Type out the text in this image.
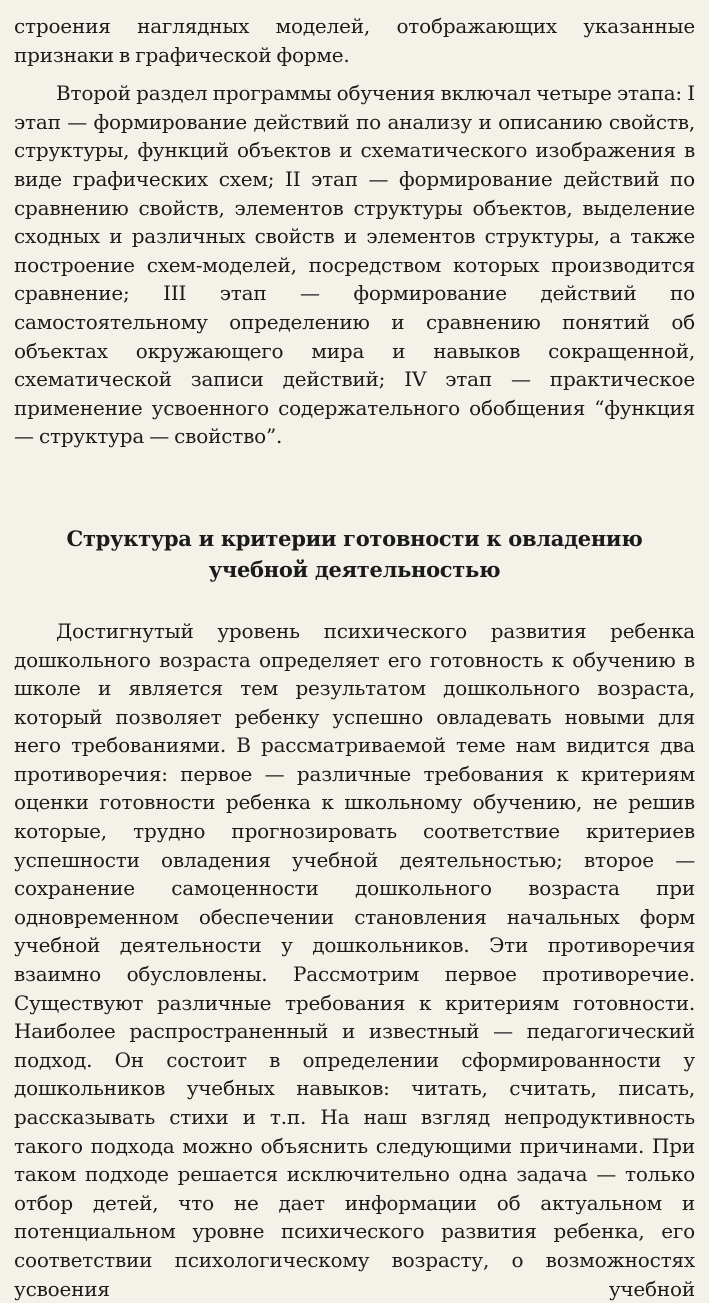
строения наглядных моделей, отображающих указанные признаки в графической форме.

Второй раздел программы обучения включал четыре этапа: I этап — формирование действий по анализу и описанию свойств, структуры, функций объектов и схематического изображения в виде графических схем; II этап — формирование действий по сравнению свойств, элементов структуры объектов, выделение сходных и различных свойств и элементов структуры, а также построение схем-моделей, посредством которых производится сравнение; III этап — формирование действий по самостоятельному определению и сравнению понятий об объектах окружающего мира и навыков сокращенной, схематической записи действий; IV этап — практическое применение усвоенного содержательного обобщения “функция — структура — свойство”.

Структура и критерии готовности к овладению учебной деятельностью

Достигнутый уровень психического развития ребенка дошкольного возраста определяет его готовность к обучению в школе и является тем результатом дошкольного возраста, который позволяет ребенку успешно овладевать новыми для него требованиями. В рассматриваемой теме нам видится два противоречия: первое — различные требования к критериям оценки готовности ребенка к школьному обучению, не решив которые, трудно прогнозировать соответствие критериев успешности овладения учебной деятельностью; второе — сохранение самоценности дошкольного возраста при одновременном обеспечении становления начальных форм учебной деятельности у дошкольников. Эти противоречия взаимно обусловлены. Рассмотрим первое противоречие. Существуют различные требования к критериям готовности. Наиболее распространенный и известный — педагогический подход. Он состоит в определении сформированности у дошкольников учебных навыков: читать, считать, писать, рассказывать стихи и т.п. На наш взгляд непродуктивность такого подхода можно объяснить следующими причинами. При таком подходе решается исключительно одна задача — только отбор детей, что не дает информации об актуальном и потенциальном уровне психического развития ребенка, его соответствии психологическому возрасту, о возможностях усвоения учебной
